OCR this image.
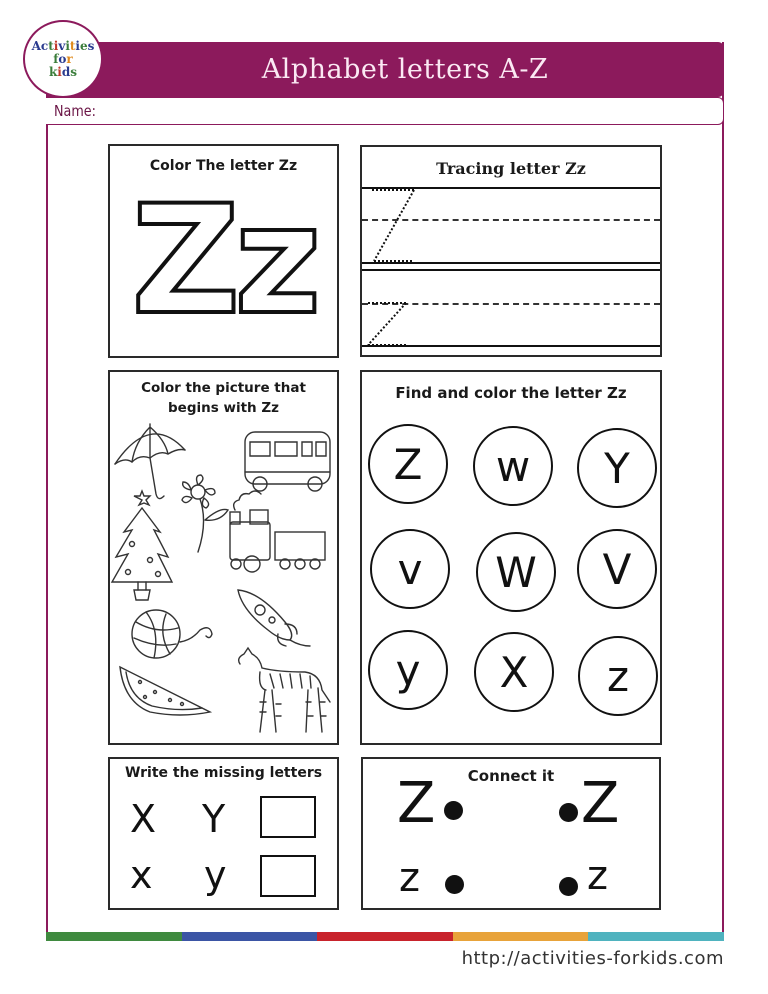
Alphabet letters A-Z
Name:
Activities
for
kids
Color The letter Zz
Zz
Tracing letter Zz
Color the picture that
begins with Zz
Find and color the letter Zz
Z	w	Y
v	W	V
y	X	z
Write the missing letters
X Y
x y
Connect it
Z	Z
z	z
http://activities-forkids.com
